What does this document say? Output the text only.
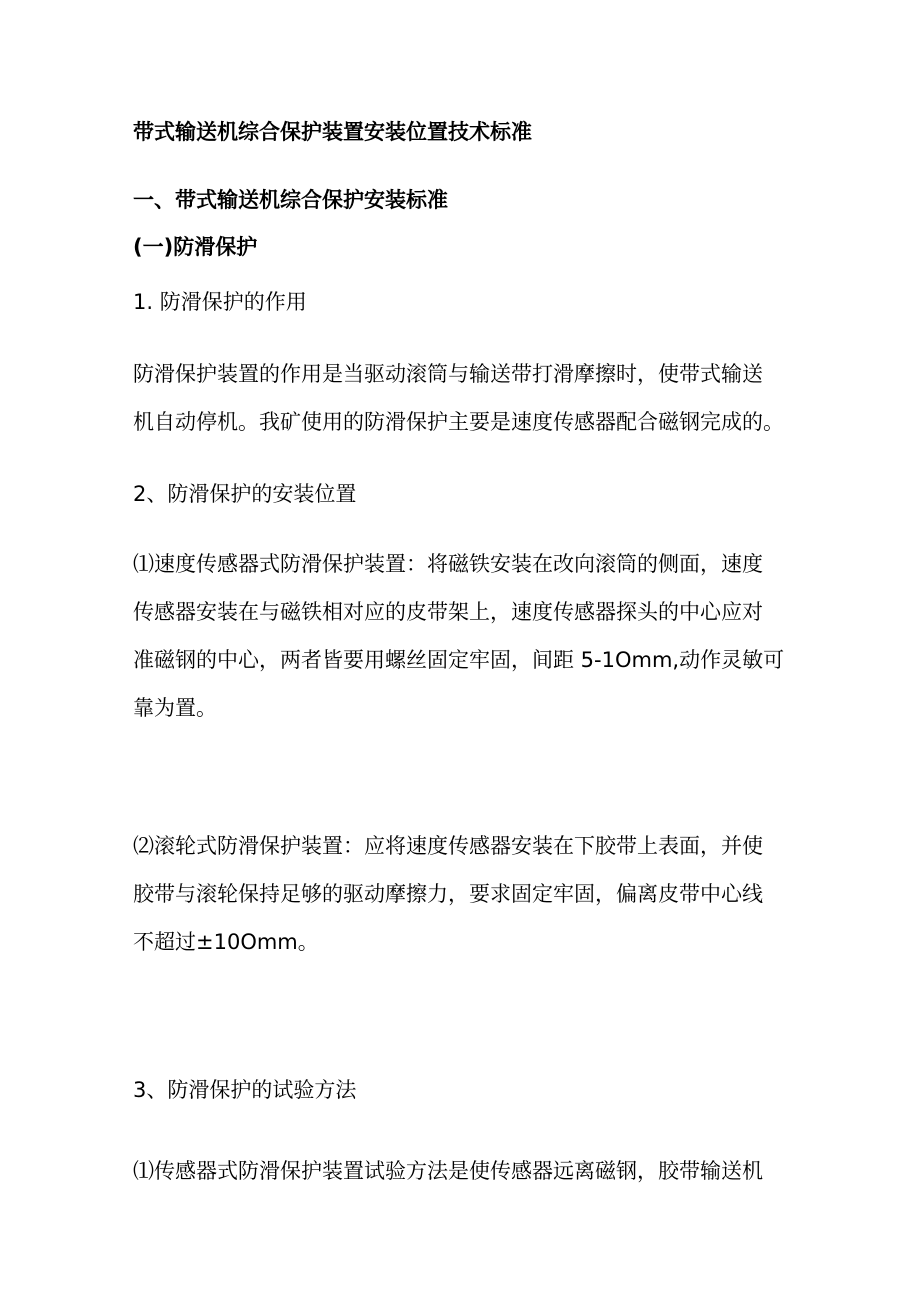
带式输送机综合保护装置安装位置技术标准
一、带式输送机综合保护安装标准
(一)防滑保护
1. 防滑保护的作用
防滑保护装置的作用是当驱动滚筒与输送带打滑摩擦时，使带式输送
机自动停机。我矿使用的防滑保护主要是速度传感器配合磁钢完成的。
2、防滑保护的安装位置
⑴速度传感器式防滑保护装置：将磁铁安装在改向滚筒的侧面，速度
传感器安装在与磁铁相对应的皮带架上，速度传感器探头的中心应对
准磁钢的中心，两者皆要用螺丝固定牢固，间距 5-1Omm,动作灵敏可
靠为置。
⑵滚轮式防滑保护装置：应将速度传感器安装在下胶带上表面，并使
胶带与滚轮保持足够的驱动摩擦力，要求固定牢固，偏离皮带中心线
不超过±10Omm。
3、防滑保护的试验方法
⑴传感器式防滑保护装置试验方法是使传感器远离磁钢，胶带输送机
